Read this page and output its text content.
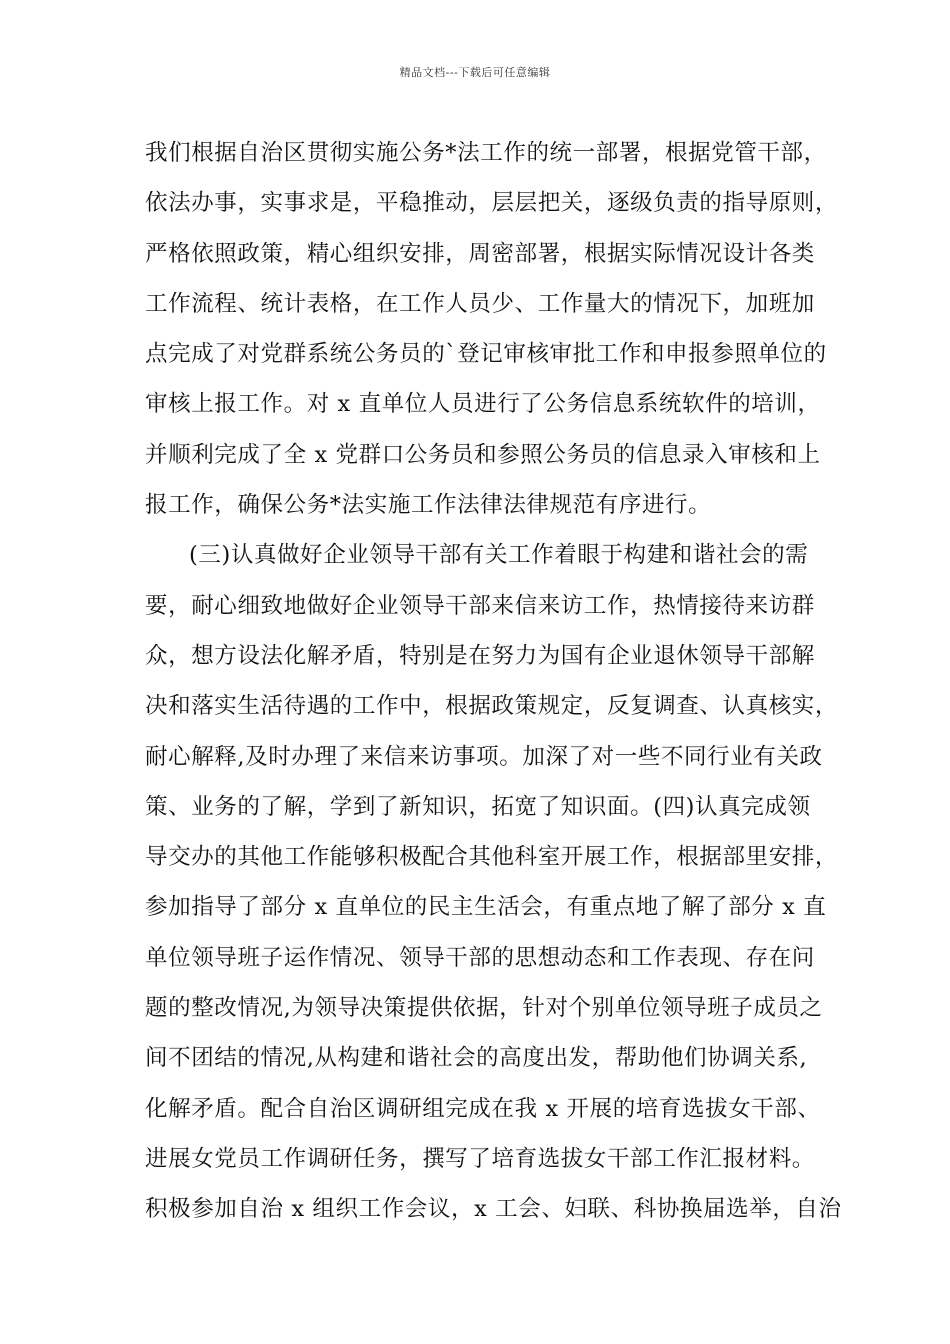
精品文档---下载后可任意编辑
我们根据自治区贯彻实施公务*法工作的统一部署，根据党管干部，
依法办事，实事求是，平稳推动，层层把关，逐级负责的指导原则，
严格依照政策，精心组织安排，周密部署，根据实际情况设计各类
工作流程、统计表格，在工作人员少、工作量大的情况下，加班加
点完成了对党群系统公务员的`登记审核审批工作和申报参照单位的
审核上报工作。对 x 直单位人员进行了公务信息系统软件的培训，
并顺利完成了全 x 党群口公务员和参照公务员的信息录入审核和上
报工作，确保公务*法实施工作法律法律规范有序进行。
(三)认真做好企业领导干部有关工作着眼于构建和谐社会的需
要，耐心细致地做好企业领导干部来信来访工作，热情接待来访群
众，想方设法化解矛盾，特别是在努力为国有企业退休领导干部解
决和落实生活待遇的工作中，根据政策规定，反复调查、认真核实，
耐心解释,及时办理了来信来访事项。加深了对一些不同行业有关政
策、业务的了解，学到了新知识，拓宽了知识面。(四)认真完成领
导交办的其他工作能够积极配合其他科室开展工作，根据部里安排，
参加指导了部分 x 直单位的民主生活会，有重点地了解了部分 x 直
单位领导班子运作情况、领导干部的思想动态和工作表现、存在问
题的整改情况,为领导决策提供依据，针对个别单位领导班子成员之
间不团结的情况,从构建和谐社会的高度出发，帮助他们协调关系,
化解矛盾。配合自治区调研组完成在我 x 开展的培育选拔女干部、
进展女党员工作调研任务，撰写了培育选拔女干部工作汇报材料。
积极参加自治 x 组织工作会议，x 工会、妇联、科协换届选举，自治
